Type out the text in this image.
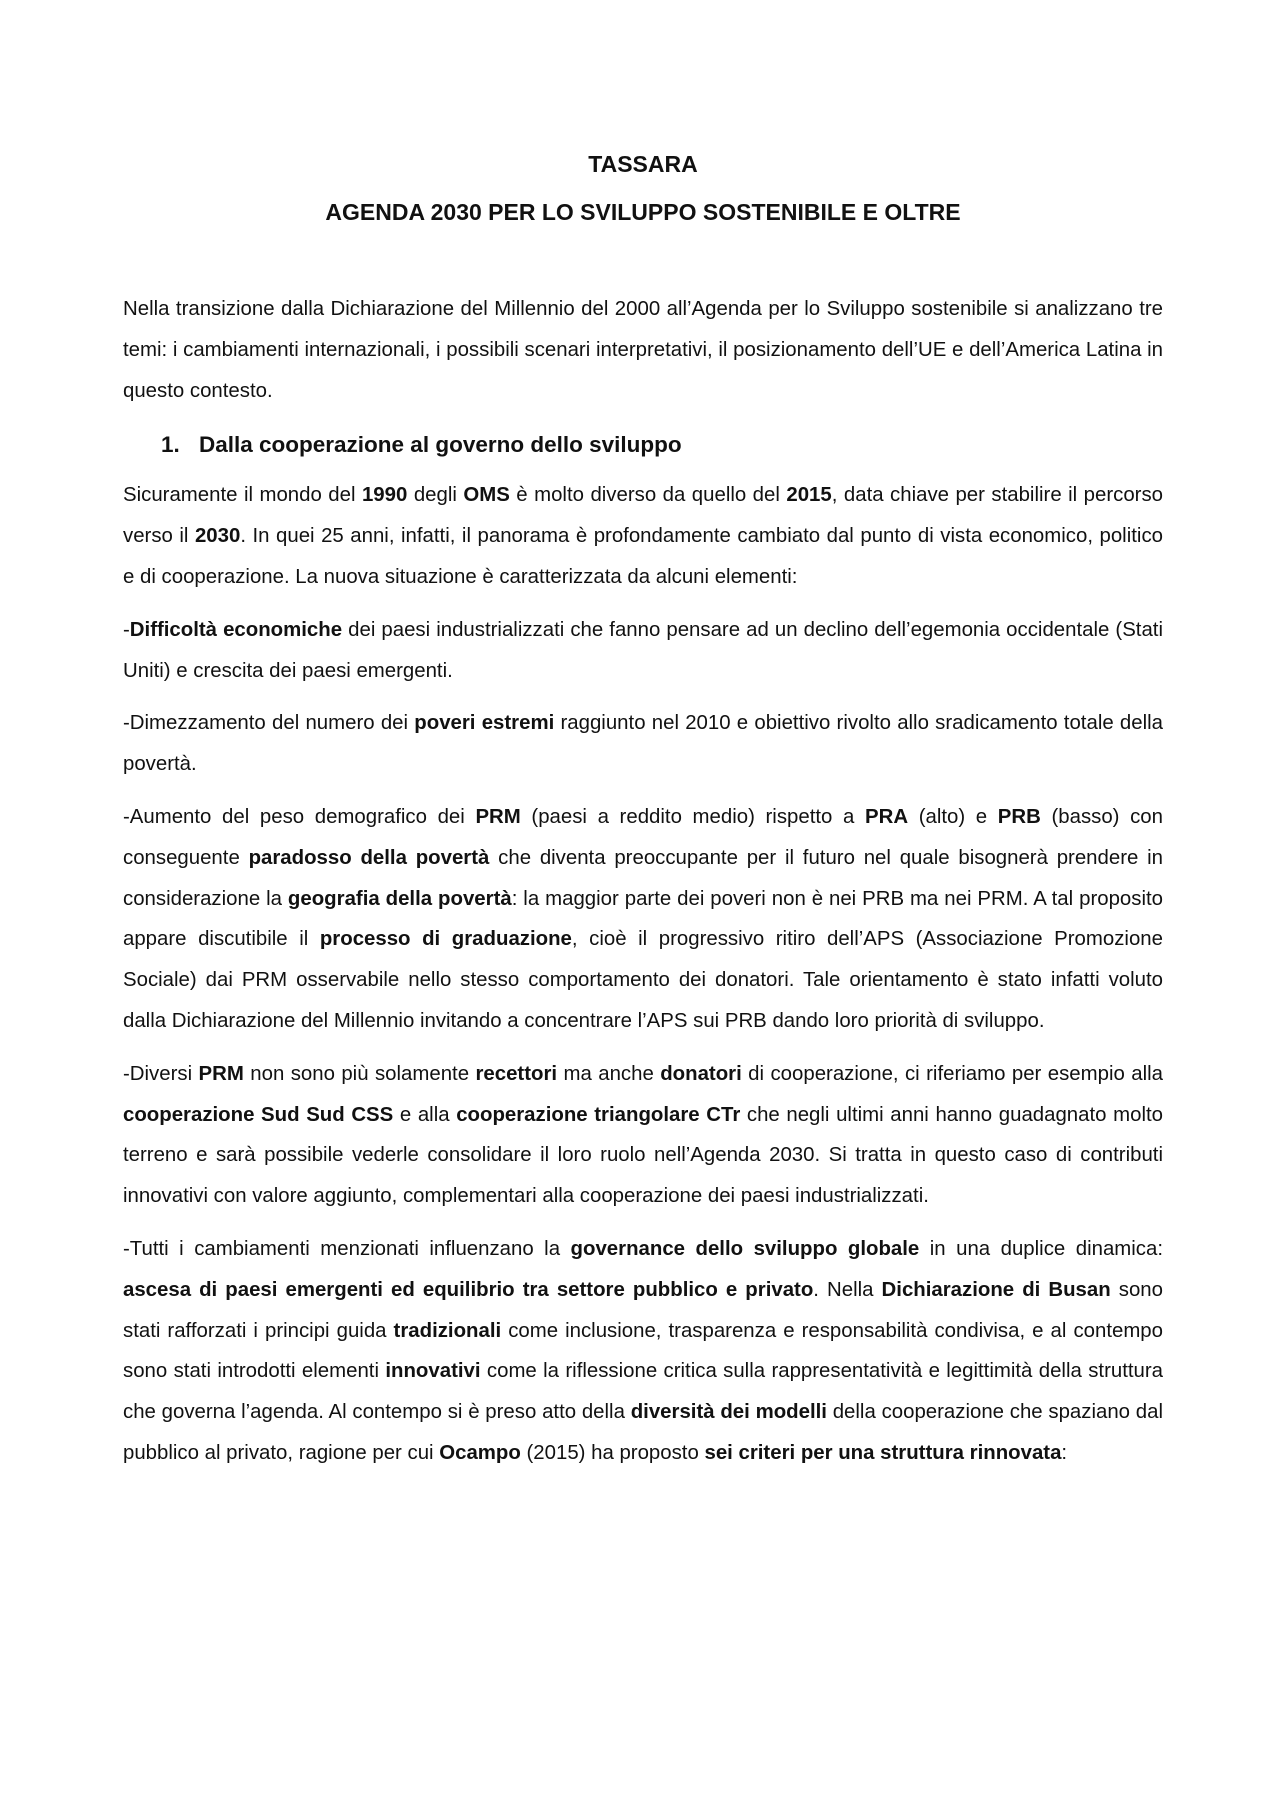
TASSARA
AGENDA 2030 PER LO SVILUPPO SOSTENIBILE E OLTRE

Nella transizione dalla Dichiarazione del Millennio del 2000 all’Agenda per lo Sviluppo sostenibile si analizzano tre temi: i cambiamenti internazionali, i possibili scenari interpretativi, il posizionamento dell’UE e dell’America Latina in questo contesto.

1. Dalla cooperazione al governo dello sviluppo

Sicuramente il mondo del 1990 degli OMS è molto diverso da quello del 2015, data chiave per stabilire il percorso verso il 2030. In quei 25 anni, infatti, il panorama è profondamente cambiato dal punto di vista economico, politico e di cooperazione. La nuova situazione è caratterizzata da alcuni elementi:

-Difficoltà economiche dei paesi industrializzati che fanno pensare ad un declino dell’egemonia occidentale (Stati Uniti) e crescita dei paesi emergenti.

-Dimezzamento del numero dei poveri estremi raggiunto nel 2010 e obiettivo rivolto allo sradicamento totale della povertà.

-Aumento del peso demografico dei PRM (paesi a reddito medio) rispetto a PRA (alto) e PRB (basso) con conseguente paradosso della povertà che diventa preoccupante per il futuro nel quale bisognerà prendere in considerazione la geografia della povertà: la maggior parte dei poveri non è nei PRB ma nei PRM. A tal proposito appare discutibile il processo di graduazione, cioè il progressivo ritiro dell’APS (Associazione Promozione Sociale) dai PRM osservabile nello stesso comportamento dei donatori. Tale orientamento è stato infatti voluto dalla Dichiarazione del Millennio invitando a concentrare l’APS sui PRB dando loro priorità di sviluppo.

-Diversi PRM non sono più solamente recettori ma anche donatori di cooperazione, ci riferiamo per esempio alla cooperazione Sud Sud CSS e alla cooperazione triangolare CTr che negli ultimi anni hanno guadagnato molto terreno e sarà possibile vederle consolidare il loro ruolo nell’Agenda 2030. Si tratta in questo caso di contributi innovativi con valore aggiunto, complementari alla cooperazione dei paesi industrializzati.

-Tutti i cambiamenti menzionati influenzano la governance dello sviluppo globale in una duplice dinamica: ascesa di paesi emergenti ed equilibrio tra settore pubblico e privato. Nella Dichiarazione di Busan sono stati rafforzati i principi guida tradizionali come inclusione, trasparenza e responsabilità condivisa, e al contempo sono stati introdotti elementi innovativi come la riflessione critica sulla rappresentatività e legittimità della struttura che governa l’agenda. Al contempo si è preso atto della diversità dei modelli della cooperazione che spaziano dal pubblico al privato, ragione per cui Ocampo (2015) ha proposto sei criteri per una struttura rinnovata:
